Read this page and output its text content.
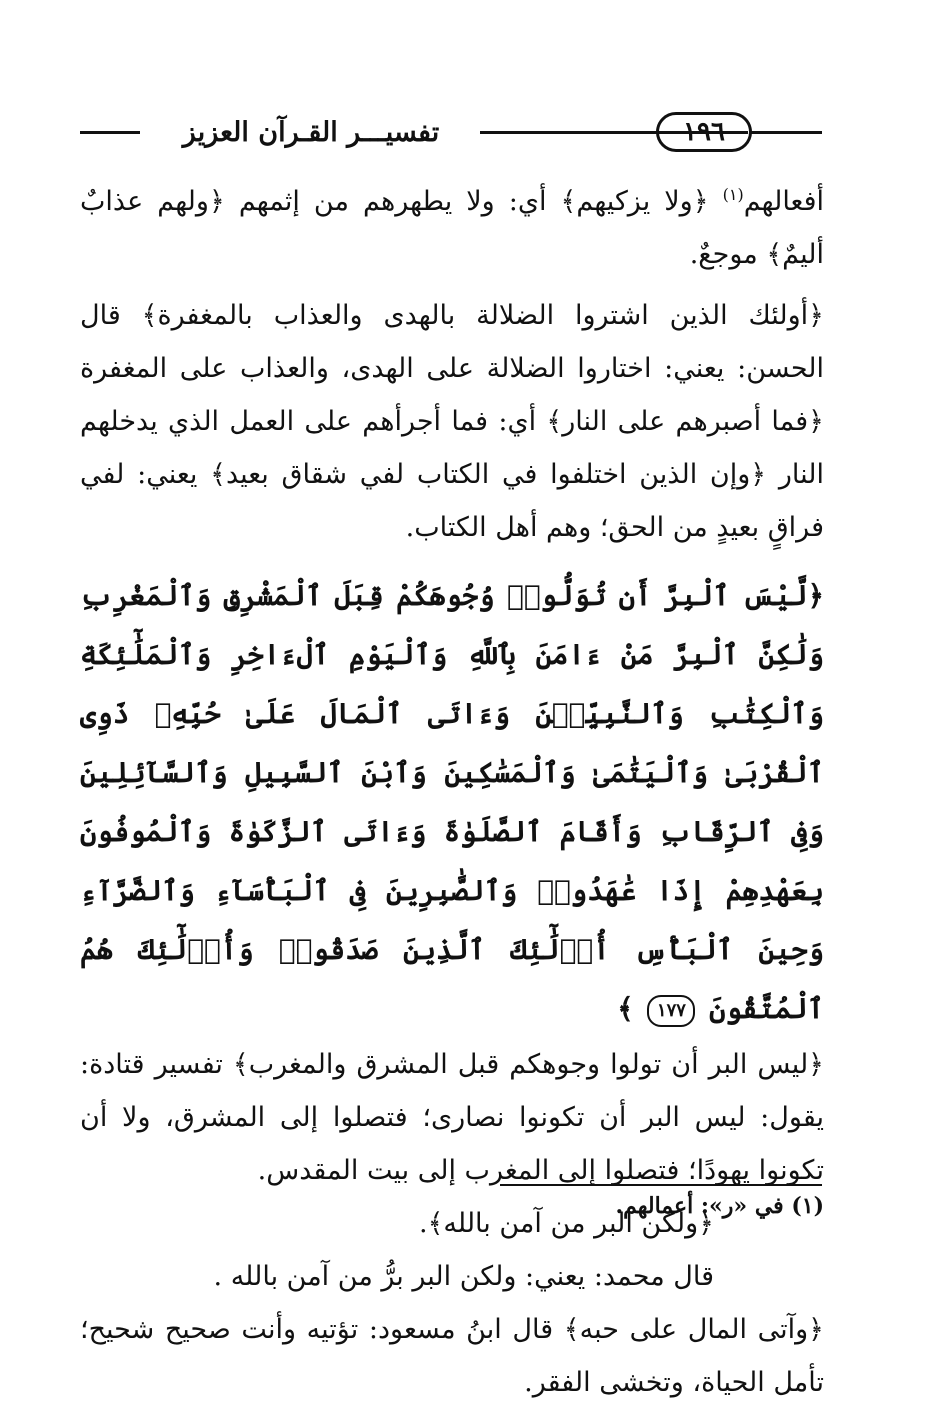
١٩٦
تفسيـــر القـرآن العزيز

أفعالهم$^{(١)}$ ﴿ولا يزكيهم﴾ أي: ولا يطهرهم من إثمهم ﴿ولهم عذابٌ أليمٌ﴾ موجعٌ.

﴿أولئك الذين اشتروا الضلالة بالهدى والعذاب بالمغفرة﴾ قال الحسن: يعني: اختاروا الضلالة على الهدى، والعذاب على المغفرة ﴿فما أصبرهم على النار﴾ أي: فما أجرأهم على العمل الذي يدخلهم النار ﴿وإن الذين اختلفوا في الكتاب لفي شقاق بعيد﴾ يعني: لفي فراقٍ بعيدٍ من الحق؛ وهم أهل الكتاب.

﴿لَّيْسَ ٱلْبِرَّ أَن تُوَلُّوا۟ وُجُوهَكُمْ قِبَلَ ٱلْمَشْرِقِ وَٱلْمَغْرِبِ وَلَٰكِنَّ ٱلْبِرَّ مَنْ ءَامَنَ بِٱللَّهِ وَٱلْيَوْمِ ٱلْءَاخِرِ وَٱلْمَلَٰٓئِكَةِ وَٱلْكِتَٰبِ وَٱلنَّبِيِّـۧنَ وَءَاتَى ٱلْمَالَ عَلَىٰ حُبِّهِۦ ذَوِى ٱلْقُرْبَىٰ وَٱلْيَتَٰمَىٰ وَٱلْمَسَٰكِينَ وَٱبْنَ ٱلسَّبِيلِ وَٱلسَّآئِلِينَ وَفِى ٱلرِّقَابِ وَأَقَامَ ٱلصَّلَوٰةَ وَءَاتَى ٱلزَّكَوٰةَ وَٱلْمُوفُونَ بِعَهْدِهِمْ إِذَا عَٰهَدُوا۟ وَٱلصَّٰبِرِينَ فِى ٱلْبَأْسَآءِ وَٱلضَّرَّآءِ وَحِينَ ٱلْبَأْسِ أُو۟لَٰٓئِكَ ٱلَّذِينَ صَدَقُوا۟ وَأُو۟لَٰٓئِكَ هُمُ ٱلْمُتَّقُونَ ١٧٧ ﴾

﴿ليس البر أن تولوا وجوهكم قبل المشرق والمغرب﴾ تفسير قتادة: يقول: ليس البر أن تكونوا نصارى؛ فتصلوا إلى المشرق، ولا أن تكونوا يهودًا؛ فتصلوا إلى المغرب إلى بيت المقدس.

﴿ولكن البر من آمن بالله﴾.

قال محمد: يعني: ولكن البر برُّ من آمن بالله .

﴿وآتى المال على حبه﴾ قال ابنُ مسعود: تؤتيه وأنت صحيح شحيح؛ تأمل الحياة، وتخشى الفقر.

(١) في «ر»: أعمالهم.
